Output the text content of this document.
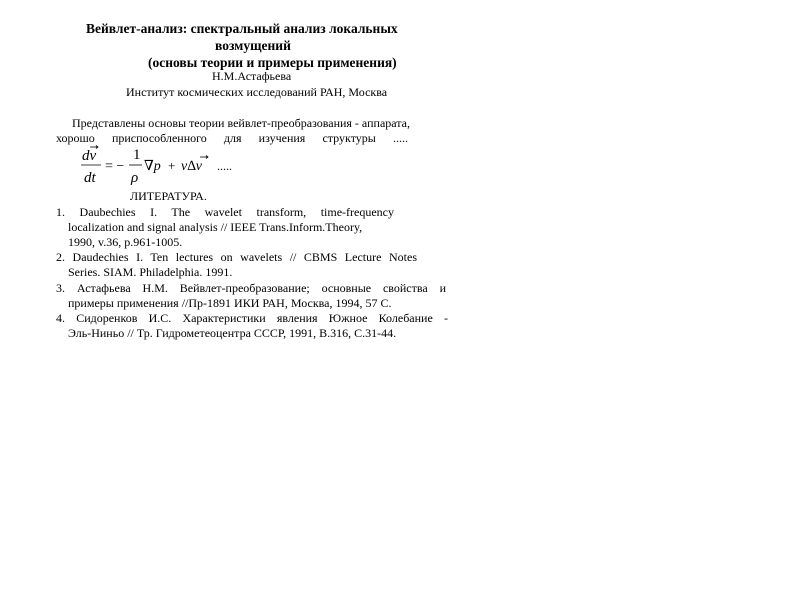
Вейвлет-анализ: спектральный анализ локальных
возмущений
(основы теории и примеры применения)
Н.М.Астафьева
Институт космических исследований РАН, Москва
Представлены основы теории вейвлет-преобразования - аппарата,
хорошо приспособленного для изучения структуры .....
dv
dt
= −
1
ρ
∇p + ν∆v .....
ЛИТЕРАТУРА.
1. Daubechies I. The wavelet transform, time-frequency
localization and signal analysis // IEEE Trans.Inform.Theory,
1990, v.36, p.961-1005.
2. Daudechies I. Ten lectures on wavelets // CBMS Lecture Notes
Series. SIAM. Philadelphia. 1991.
3. Астафьева Н.М. Вейвлет-преобразование; основные свойства и
примеры применения //Пр-1891 ИКИ РАН, Москва, 1994, 57 С.
4. Сидоренков И.С. Характеристики явления Южное Колебание -
Эль-Ниньо // Тр. Гидрометеоцентра СССР, 1991, В.316, С.31-44.
